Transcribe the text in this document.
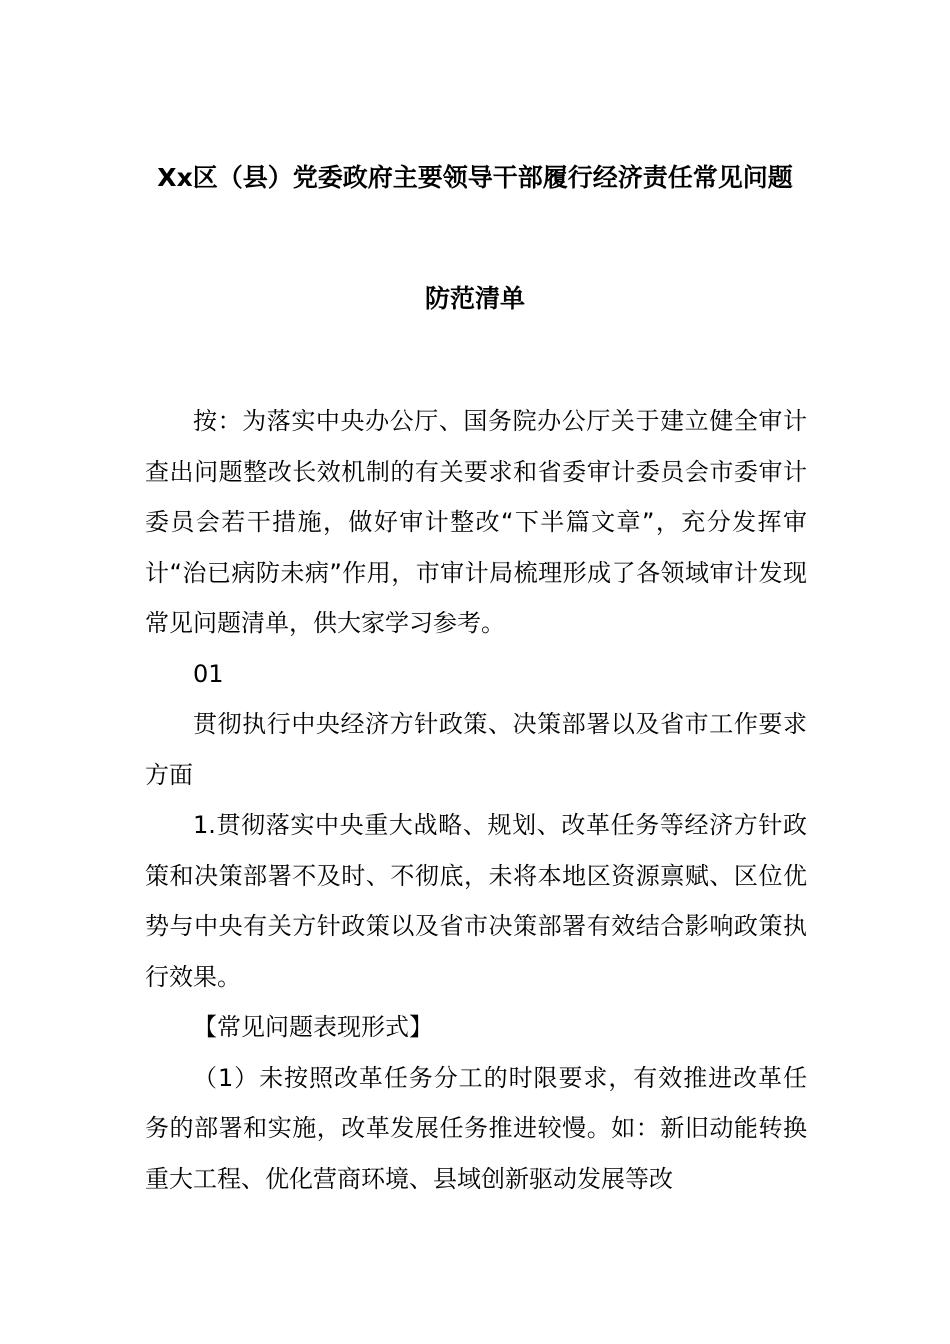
Xx区（县）党委政府主要领导干部履行经济责任常见问题
防范清单

按：为落实中央办公厅、国务院办公厅关于建立健全审计查出问题整改长效机制的有关要求和省委审计委员会市委审计委员会若干措施，做好审计整改“下半篇文章”，充分发挥审计“治已病防未病”作用，市审计局梳理形成了各领域审计发现常见问题清单，供大家学习参考。

01

贯彻执行中央经济方针政策、决策部署以及省市工作要求方面

1.贯彻落实中央重大战略、规划、改革任务等经济方针政策和决策部署不及时、不彻底，未将本地区资源禀赋、区位优势与中央有关方针政策以及省市决策部署有效结合影响政策执行效果。

【常见问题表现形式】

（1）未按照改革任务分工的时限要求，有效推进改革任务的部署和实施，改革发展任务推进较慢。如：新旧动能转换重大工程、优化营商环境、县域创新驱动发展等改
